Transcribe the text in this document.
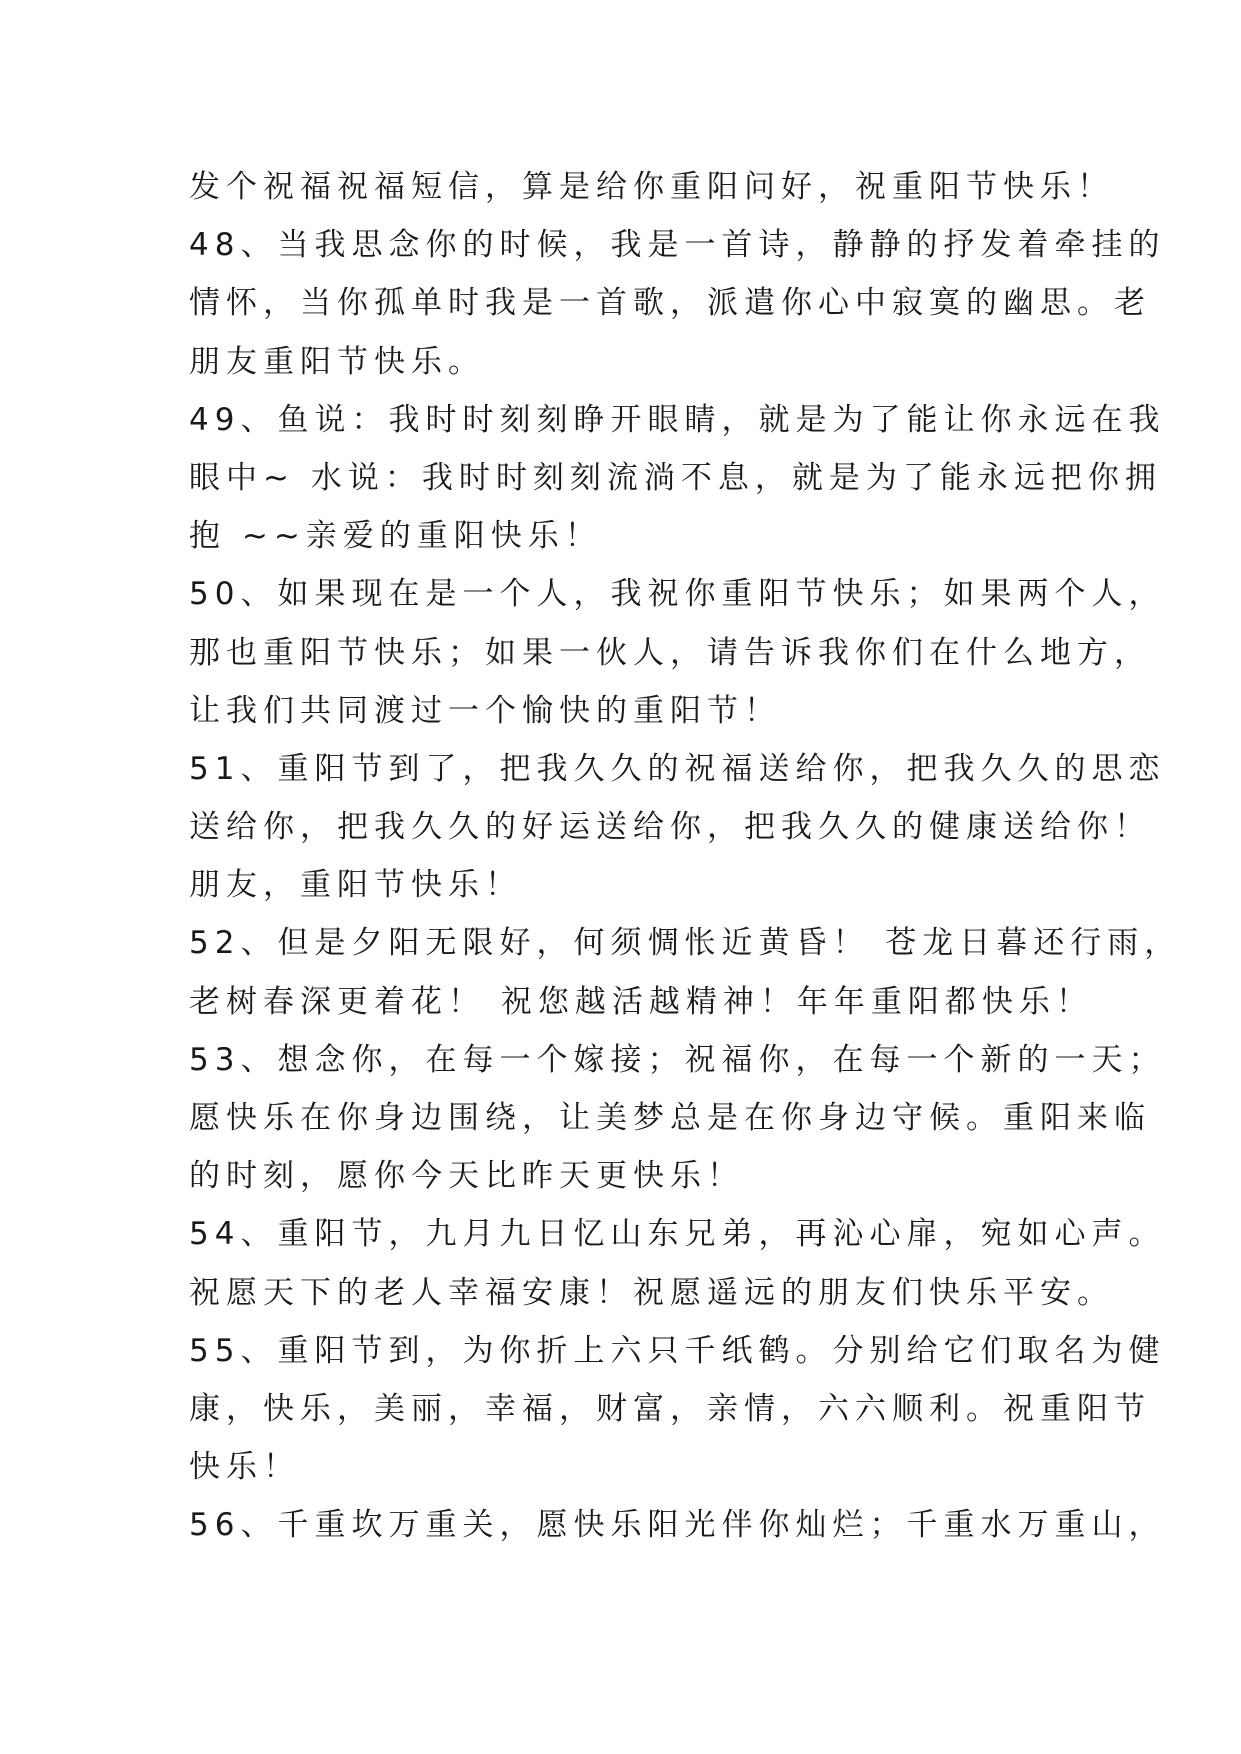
发个祝福祝福短信，算是给你重阳问好，祝重阳节快乐！
48、当我思念你的时候，我是一首诗，静静的抒发着牵挂的
情怀，当你孤单时我是一首歌，派遣你心中寂寞的幽思。老
朋友重阳节快乐。
49、鱼说：我时时刻刻睁开眼睛，就是为了能让你永远在我
眼中~ 水说：我时时刻刻流淌不息，就是为了能永远把你拥
抱 ~~亲爱的重阳快乐！
50、如果现在是一个人，我祝你重阳节快乐；如果两个人，
那也重阳节快乐；如果一伙人，请告诉我你们在什么地方，
让我们共同渡过一个愉快的重阳节！
51、重阳节到了，把我久久的祝福送给你，把我久久的思恋
送给你，把我久久的好运送给你，把我久久的健康送给你！
朋友，重阳节快乐！
52、但是夕阳无限好，何须惆怅近黄昏！ 苍龙日暮还行雨，
老树春深更着花！ 祝您越活越精神！年年重阳都快乐！
53、想念你，在每一个嫁接；祝福你，在每一个新的一天；
愿快乐在你身边围绕，让美梦总是在你身边守候。重阳来临
的时刻，愿你今天比昨天更快乐！
54、重阳节，九月九日忆山东兄弟，再沁心扉，宛如心声。
祝愿天下的老人幸福安康！祝愿遥远的朋友们快乐平安。
55、重阳节到，为你折上六只千纸鹤。分别给它们取名为健
康，快乐，美丽，幸福，财富，亲情，六六顺利。祝重阳节
快乐！
56、千重坎万重关，愿快乐阳光伴你灿烂；千重水万重山，
